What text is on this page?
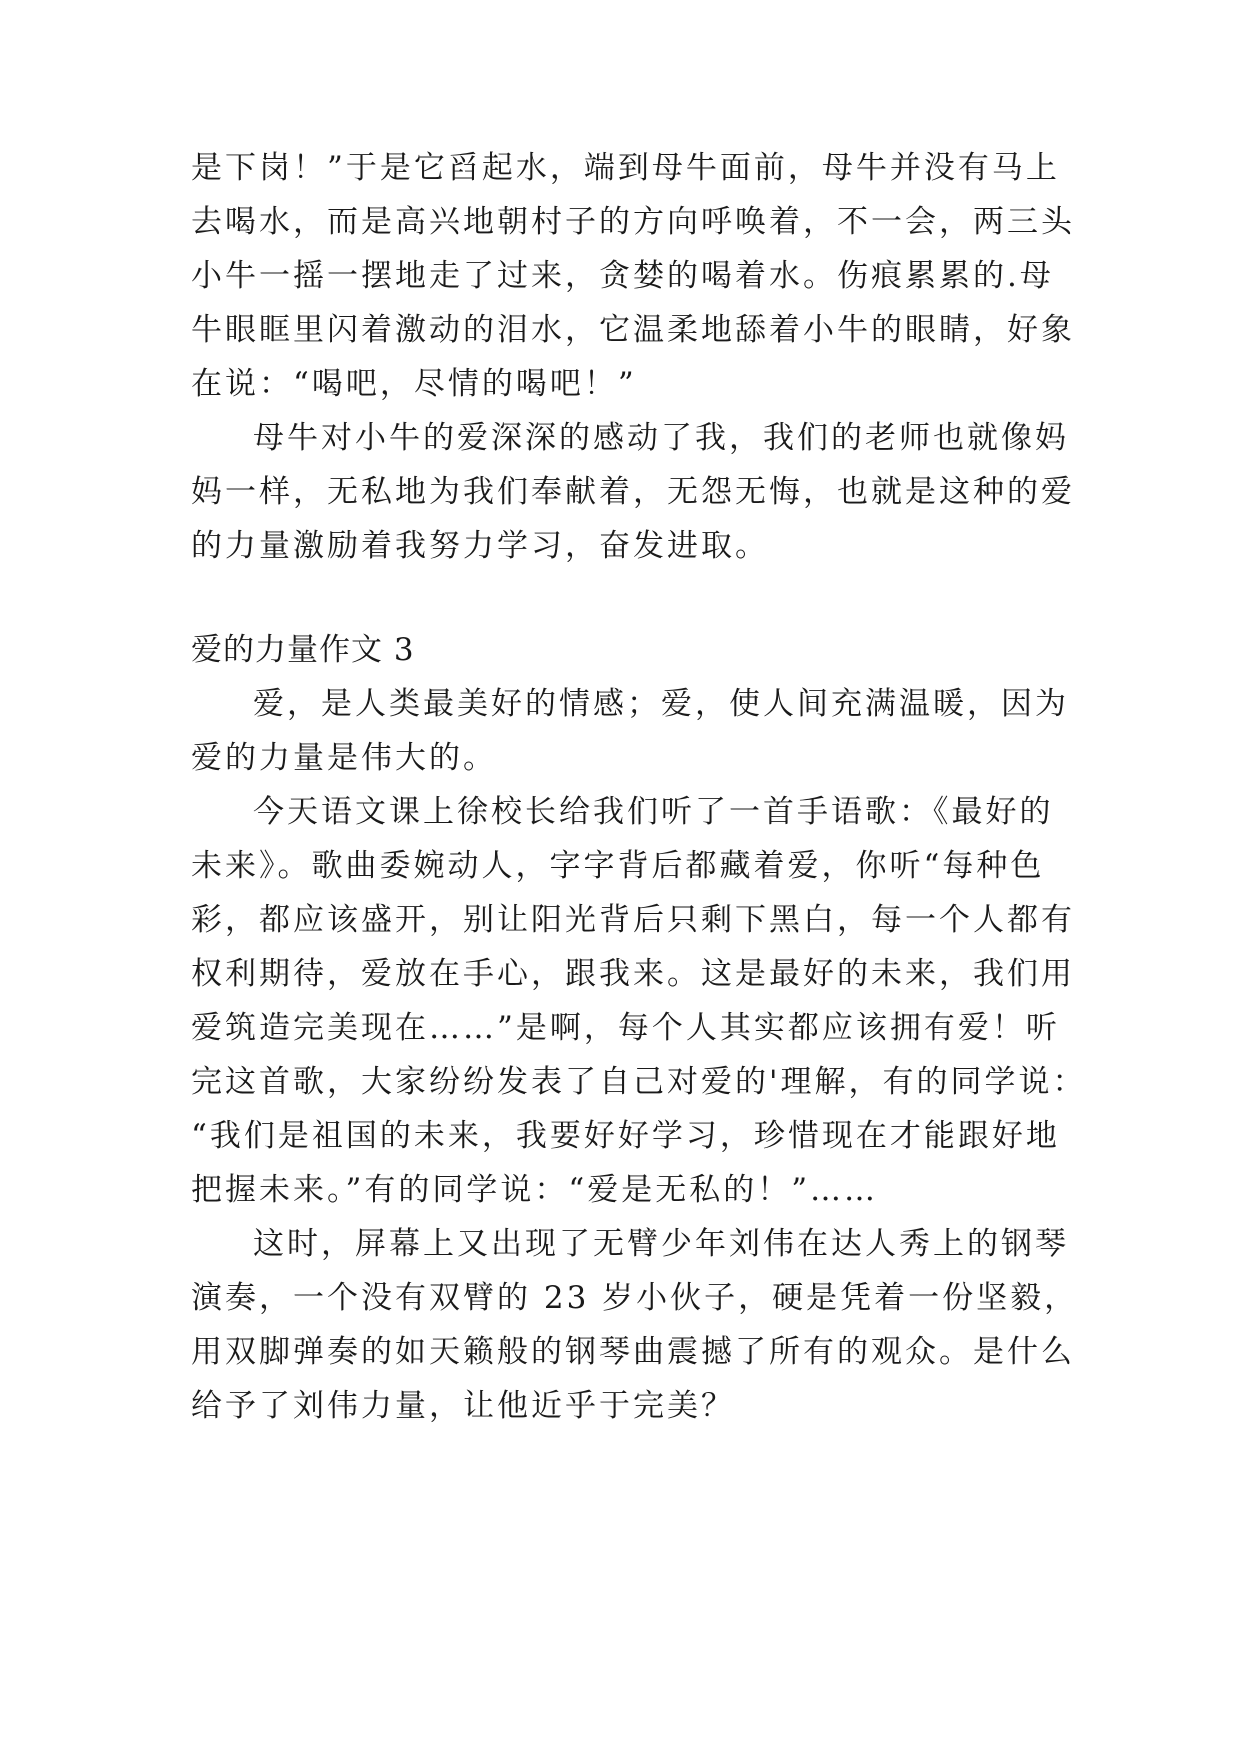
是下岗！”于是它舀起水，端到母牛面前，母牛并没有马上
去喝水，而是高兴地朝村子的方向呼唤着，不一会，两三头
小牛一摇一摆地走了过来，贪婪的喝着水。伤痕累累的.母
牛眼眶里闪着激动的泪水，它温柔地舔着小牛的眼睛，好象
在说：“喝吧，尽情的喝吧！”
母牛对小牛的爱深深的感动了我，我们的老师也就像妈
妈一样，无私地为我们奉献着，无怨无悔，也就是这种的爱
的力量激励着我努力学习，奋发进取。
爱的力量作文 3
爱，是人类最美好的情感；爱，使人间充满温暖，因为
爱的力量是伟大的。
今天语文课上徐校长给我们听了一首手语歌：《最好的
未来》。歌曲委婉动人，字字背后都藏着爱，你听“每种色
彩，都应该盛开，别让阳光背后只剩下黑白，每一个人都有
权利期待，爱放在手心，跟我来。这是最好的未来，我们用
爱筑造完美现在……”是啊，每个人其实都应该拥有爱！听
完这首歌，大家纷纷发表了自己对爱的'理解，有的同学说：
“我们是祖国的未来，我要好好学习，珍惜现在才能跟好地
把握未来。”有的同学说：“爱是无私的！”……
这时，屏幕上又出现了无臂少年刘伟在达人秀上的钢琴
演奏，一个没有双臂的 23 岁小伙子，硬是凭着一份坚毅，
用双脚弹奏的如天籁般的钢琴曲震撼了所有的观众。是什么
给予了刘伟力量，让他近乎于完美？
